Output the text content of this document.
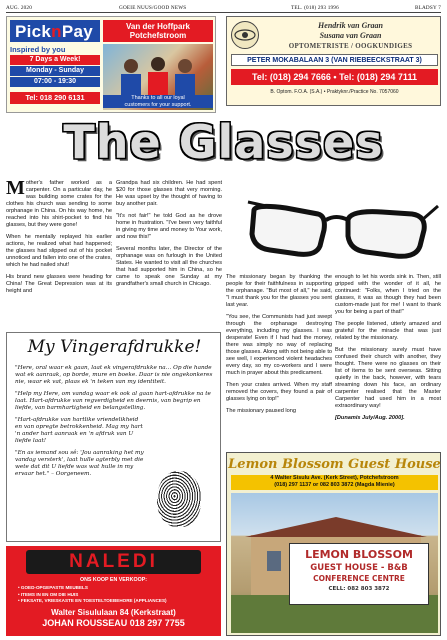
AUG. 2020	GOEIE NUUS/GOOD NEWS	TEL. (018) 293 1996	BLADSY 7
PicknPay
Inspired by you
7 Days a Week!
Monday - Sunday
07:00 - 19:30
Tel: 018 290 6131
Van der Hoffpark
Potchefstroom
Thanks to all our loyal
customers for your support.
Hendrik van Graan
Susana van Graan
OPTOMETRISTE / OOGKUNDIGES
PETER MOKABALAAN 3 (VAN RIEBEECKSTRAAT 3)
Tel: (018) 294 7666 • Tel: (018) 294 7111
B. Optom. F.O.A. (S.A.) • Praktyknr./Practice No. 7057060
The Glasses

Mother's father worked as a carpenter. On a particular day, he was building some crates for the clothes his church was sending to some orphanage in China. On his way home, he reached into his shirt-pocket to find his glasses, but they were gone!

When he mentally replayed his earlier actions, he realized what had happened; the glasses had slipped out of his pocket unnoticed and fallen into one of the crates, which he had nailed shut!

His brand new glasses were heading for China! The Great Depression was at its height and

Grandpa had six children. He had spent $20 for those glasses that very morning. He was upset by the thought of having to buy another pair.

"It's not fair!" he told God as he drove home in frustration. "I've been very faithful in giving my time and money to Your work, and now this!"

Several months later, the Director of the orphanage was on furlough in the United States. He wanted to visit all the churches that had supported him in China, so he came to speak one Sunday at my grandfather's small church in Chicago.

The missionary began by thanking the people for their faithfulness in supporting the orphanage. "But most of all," he said, "I must thank you for the glasses you sent last year.

"You see, the Communists had just swept through the orphanage destroying everything, including my glasses. I was desperate! Even if I had had the money, there was simply no way of replacing those glasses. Along with not being able to see well, I experienced violent headaches every day, so my co-workers and I were much in prayer about this predicament.

Then your crates arrived. When my staff removed the covers, they found a pair of glasses lying on top!"

The missionary paused long

enough to let his words sink in. Then, still gripped with the wonder of it all, he continued: "Folks, when I tried on the glasses, it was as though they had been custom-made just for me! I want to thank you for being a part of that!"

The people listened, utterly amazed and grateful for the miracle that was just related by the missionary.

But the missionary surely must have confused their church with another, they thought. There were no glasses on their list of items to be sent overseas. Sitting quietly in the back, however, with tears streaming down his face, an ordinary carpenter realised that the Master Carpenter had used him in a most extraordinary way!

[Dunamis July/Aug. 2000].

My Vingerafdrukke!

"Here, oral waar ek gaan, laat ek vingerafdrukke na… Op die hande wat ek aanraak, op borde, mure en boeke. Daar is nie ongekonkeres nie, waar ek vat, plaas ek 'n teken van my identiteit.

"Help my Here, om vandag waar ek ook al gaan hart-afdrukke na te laat. Hart-afdrukke van regverdigheid en deernis, van begrip en liefde, van barmhartigheid en belangstelling.

"Hart-afdrukke van hartlike vriendelikheid en van opregte betrokkenheid. Mag my hart 'n ander hart aanraak en 'n afdruk van U liefde laat!

"En as iemand sou sê: 'Jou aanraking het my vandag versterk', laat hulle agterbly met die wete dat dit U liefde was wat hulle in my ervaar het." – Oorgeneem.

NALEDI
ONS KOOP EN VERKOOP:
• GOED-OPGEPASTE MEUBELS
• ITEMS IN EN OM DIE HUIS
• FEKSATE, VRIESKASTE EN TOESTELTOEBEHORE (APPLIANCES)
Walter Sisululaan 84 (Kerkstraat)
JOHAN ROUSSEAU 018 297 7755
Lemon Blossom Guest House
4 Walter Sisulu Ave. (Kerk Street), Potchefstroom
(018) 297 1137 or 082 803 3872 (Magda Mienie)
LEMON BLOSSOM
GUEST HOUSE - B&B
CONFERENCE CENTRE
CELL: 082 803 3872
